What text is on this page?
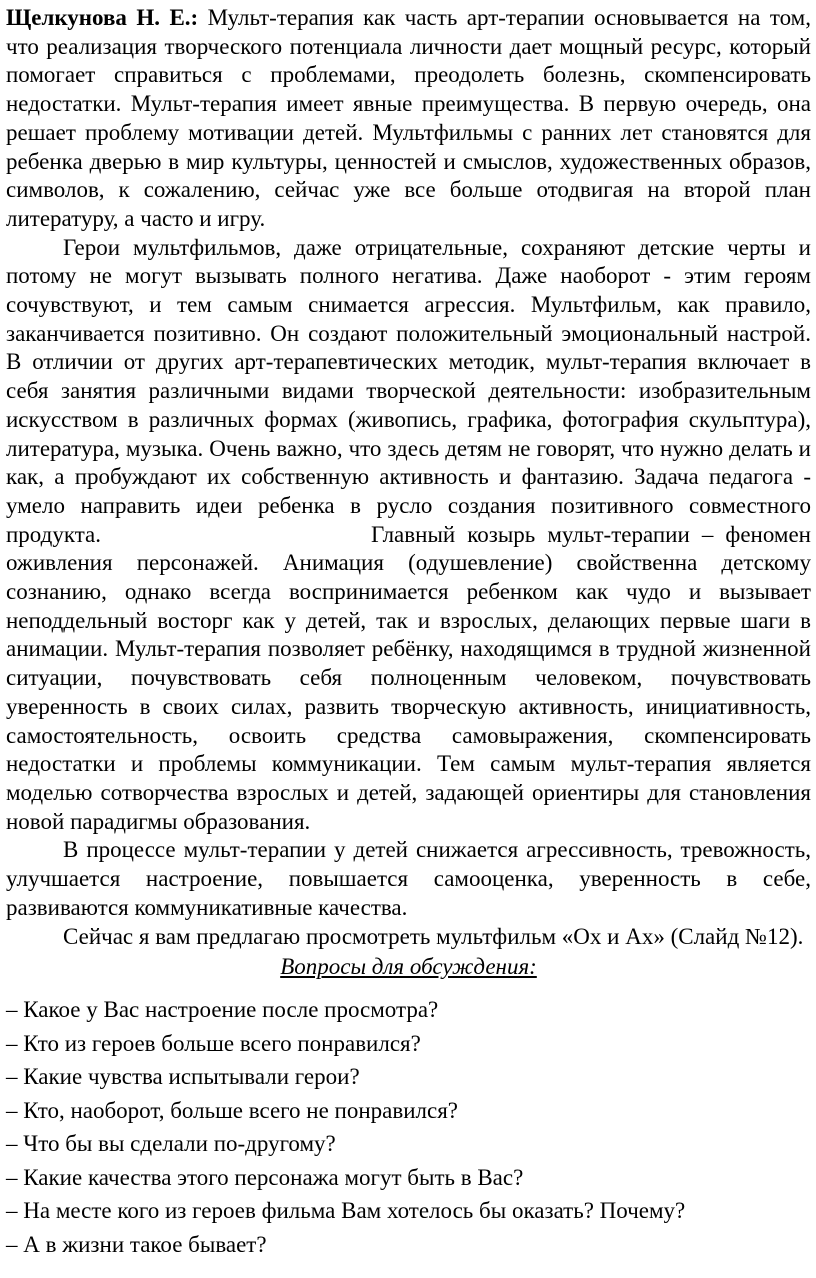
Щелкунова Н. Е.: Мульт-терапия как часть арт-терапии основывается на том, что реализация творческого потенциала личности дает мощный ресурс, который помогает справиться с проблемами, преодолеть болезнь, скомпенсировать недостатки. Мульт-терапия имеет явные преимущества. В первую очередь, она решает проблему мотивации детей. Мультфильмы с ранних лет становятся для ребенка дверью в мир культуры, ценностей и смыслов, художественных образов, символов, к сожалению, сейчас уже все больше отодвигая на второй план литературу, а часто и игру.

Герои мультфильмов, даже отрицательные, сохраняют детские черты и потому не могут вызывать полного негатива. Даже наоборот - этим героям сочувствуют, и тем самым снимается агрессия. Мультфильм, как правило, заканчивается позитивно. Он создают положительный эмоциональный настрой. В отличии от других арт-терапевтических методик, мульт-терапия включает в себя занятия различными видами творческой деятельности: изобразительным искусством в различных формах (живопись, графика, фотография скульптура), литература, музыка. Очень важно, что здесь детям не говорят, что нужно делать и как, а пробуждают их собственную активность и фантазию. Задача педагога - умело направить идеи ребенка в русло создания позитивного совместного продукта.	Главный козырь мульт-терапии – феномен оживления персонажей. Анимация (одушевление) свойственна детскому сознанию, однако всегда воспринимается ребенком как чудо и вызывает неподдельный восторг как у детей, так и взрослых, делающих первые шаги в анимации. Мульт-терапия позволяет ребёнку, находящимся в трудной жизненной ситуации, почувствовать себя полноценным человеком, почувствовать уверенность в своих силах, развить творческую активность, инициативность, самостоятельность, освоить средства самовыражения, скомпенсировать недостатки и проблемы коммуникации. Тем самым мульт-терапия является моделью сотворчества взрослых и детей, задающей ориентиры для становления новой парадигмы образования.

В процессе мульт-терапии у детей снижается агрессивность, тревожность, улучшается настроение, повышается самооценка, уверенность в себе, развиваются коммуникативные качества.

Сейчас я вам предлагаю просмотреть мультфильм «Ох и Ах» (Слайд №12).

Вопросы для обсуждения:

– Какое у Вас настроение после просмотра?
– Кто из героев больше всего понравился?
– Какие чувства испытывали герои?
– Кто, наоборот, больше всего не понравился?
– Что бы вы сделали по-другому?
– Какие качества этого персонажа могут быть в Вас?
– На месте кого из героев фильма Вам хотелось бы оказать? Почему?
– А в жизни такое бывает?
